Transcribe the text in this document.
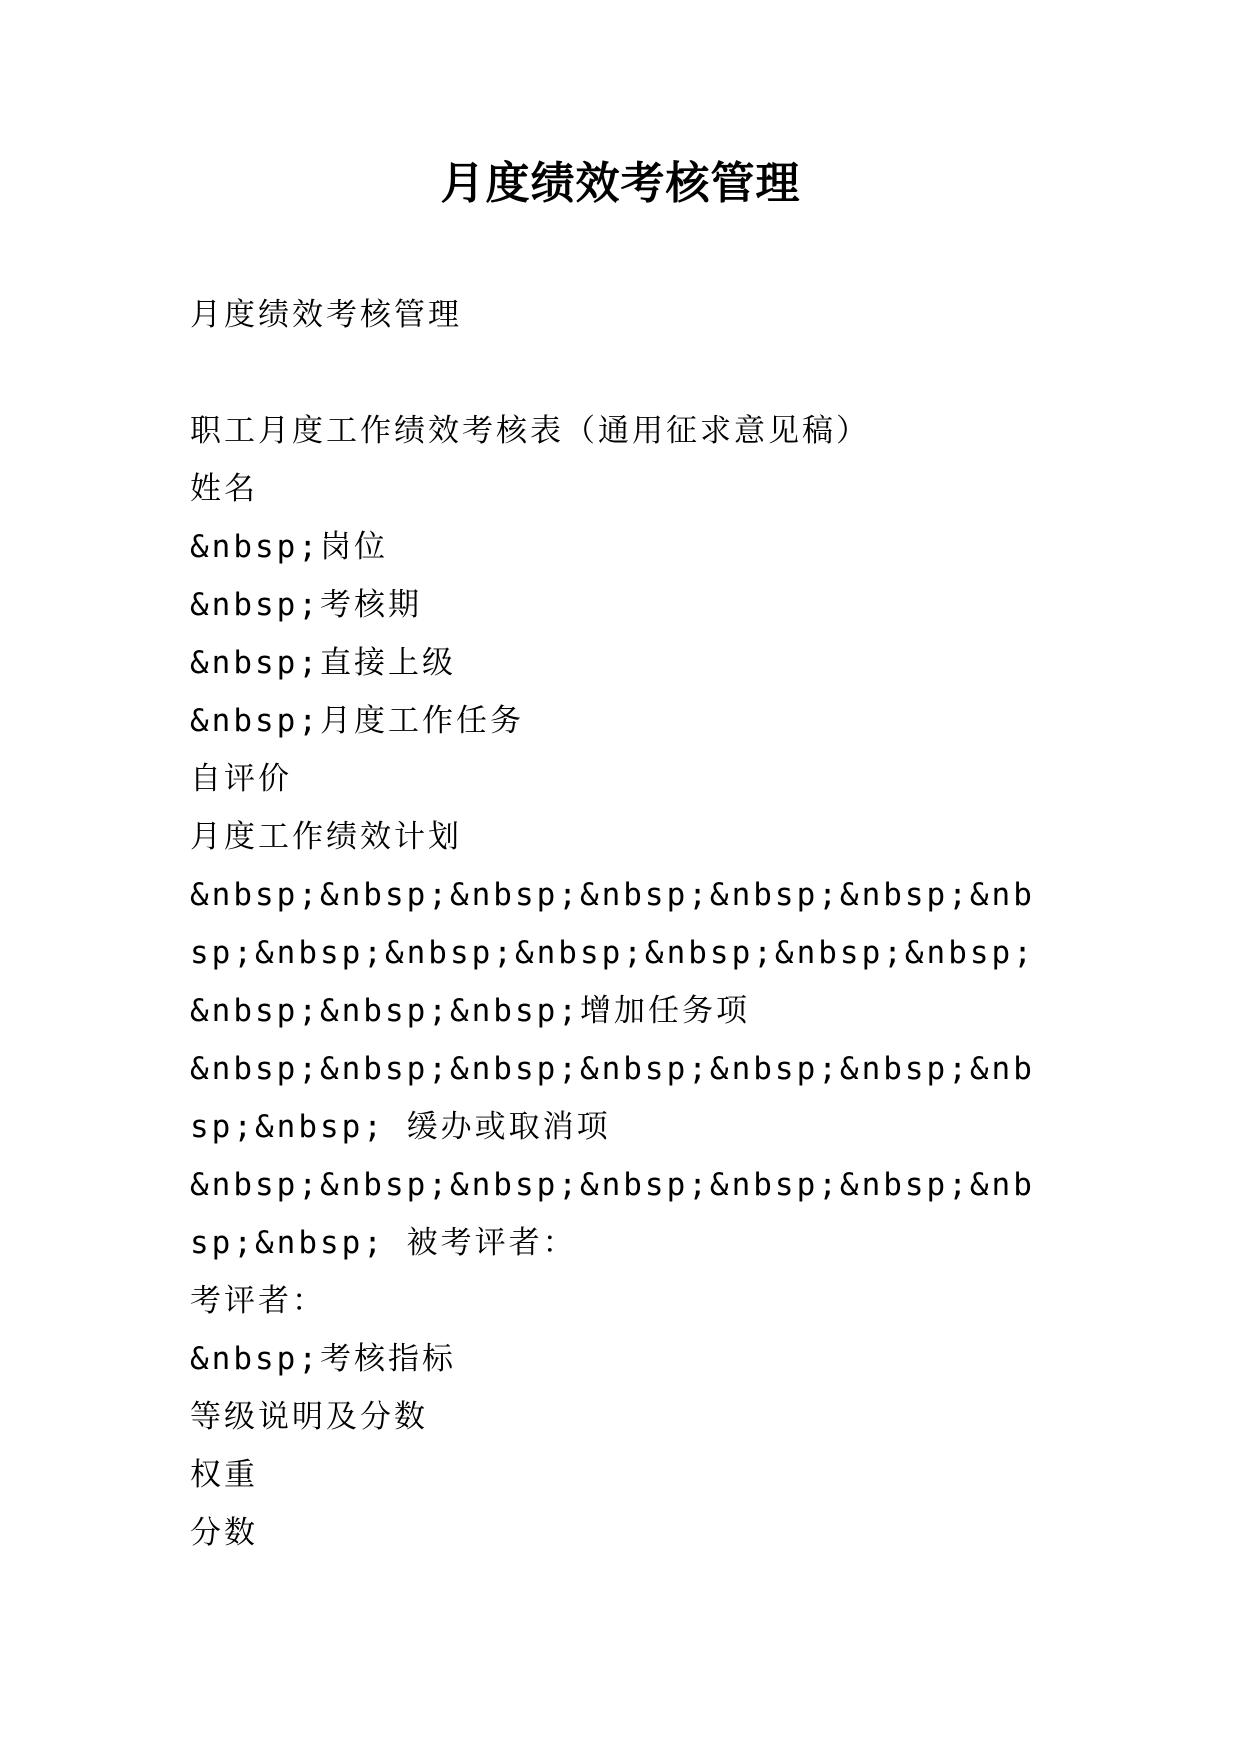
月度绩效考核管理

月度绩效考核管理

职工月度工作绩效考核表（通用征求意见稿）

姓名

&nbsp;岗位

&nbsp;考核期

&nbsp;直接上级

&nbsp;月度工作任务

自评价

月度工作绩效计划

&nbsp;&nbsp;&nbsp;&nbsp;&nbsp;&nbsp;&nbsp;&nbsp;&nbsp;&nbsp;&nbsp;&nbsp;&nbsp;&nbsp;&nbsp;&nbsp;增加任务项

&nbsp;&nbsp;&nbsp;&nbsp;&nbsp;&nbsp;&nbsp;&nbsp; 缓办或取消项

&nbsp;&nbsp;&nbsp;&nbsp;&nbsp;&nbsp;&nbsp;&nbsp; 被考评者：

考评者：

&nbsp;考核指标

等级说明及分数

权重

分数
